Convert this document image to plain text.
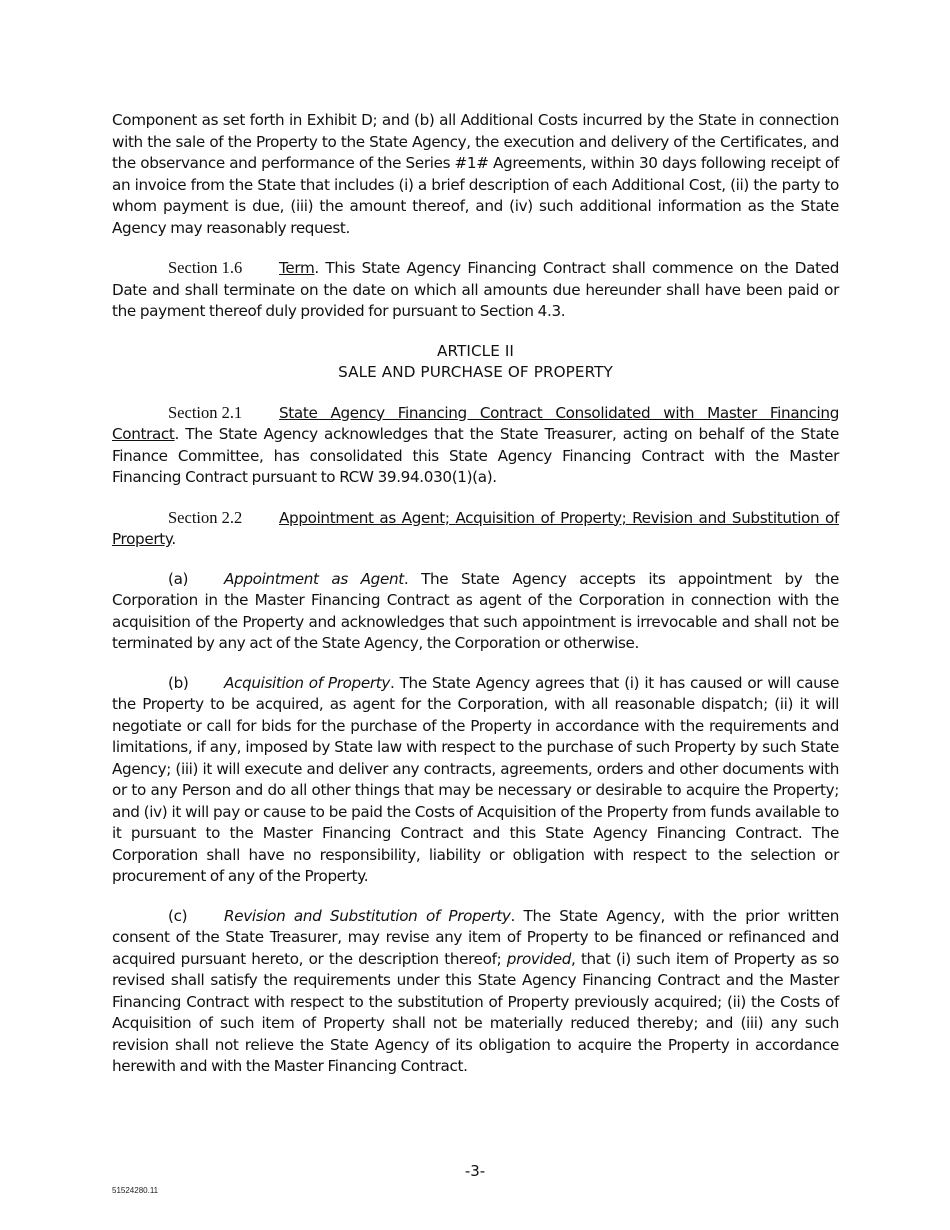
Component as set forth in Exhibit D; and (b) all Additional Costs incurred by the State in connection with the sale of the Property to the State Agency, the execution and delivery of the Certificates, and the observance and performance of the Series #1# Agreements, within 30 days following receipt of an invoice from the State that includes (i) a brief description of each Additional Cost, (ii) the party to whom payment is due, (iii) the amount thereof, and (iv) such additional information as the State Agency may reasonably request.

Section 1.6 Term. This State Agency Financing Contract shall commence on the Dated Date and shall terminate on the date on which all amounts due hereunder shall have been paid or the payment thereof duly provided for pursuant to Section 4.3.

ARTICLE II
SALE AND PURCHASE OF PROPERTY

Section 2.1 State Agency Financing Contract Consolidated with Master Financing Contract. The State Agency acknowledges that the State Treasurer, acting on behalf of the State Finance Committee, has consolidated this State Agency Financing Contract with the Master Financing Contract pursuant to RCW 39.94.030(1)(a).

Section 2.2 Appointment as Agent; Acquisition of Property; Revision and Substitution of Property.

(a) Appointment as Agent. The State Agency accepts its appointment by the Corporation in the Master Financing Contract as agent of the Corporation in connection with the acquisition of the Property and acknowledges that such appointment is irrevocable and shall not be terminated by any act of the State Agency, the Corporation or otherwise.

(b) Acquisition of Property. The State Agency agrees that (i) it has caused or will cause the Property to be acquired, as agent for the Corporation, with all reasonable dispatch; (ii) it will negotiate or call for bids for the purchase of the Property in accordance with the requirements and limitations, if any, imposed by State law with respect to the purchase of such Property by such State Agency; (iii) it will execute and deliver any contracts, agreements, orders and other documents with or to any Person and do all other things that may be necessary or desirable to acquire the Property; and (iv) it will pay or cause to be paid the Costs of Acquisition of the Property from funds available to it pursuant to the Master Financing Contract and this State Agency Financing Contract. The Corporation shall have no responsibility, liability or obligation with respect to the selection or procurement of any of the Property.

(c) Revision and Substitution of Property. The State Agency, with the prior written consent of the State Treasurer, may revise any item of Property to be financed or refinanced and acquired pursuant hereto, or the description thereof; provided, that (i) such item of Property as so revised shall satisfy the requirements under this State Agency Financing Contract and the Master Financing Contract with respect to the substitution of Property previously acquired; (ii) the Costs of Acquisition of such item of Property shall not be materially reduced thereby; and (iii) any such revision shall not relieve the State Agency of its obligation to acquire the Property in accordance herewith and with the Master Financing Contract.

-3-
51524280.11
